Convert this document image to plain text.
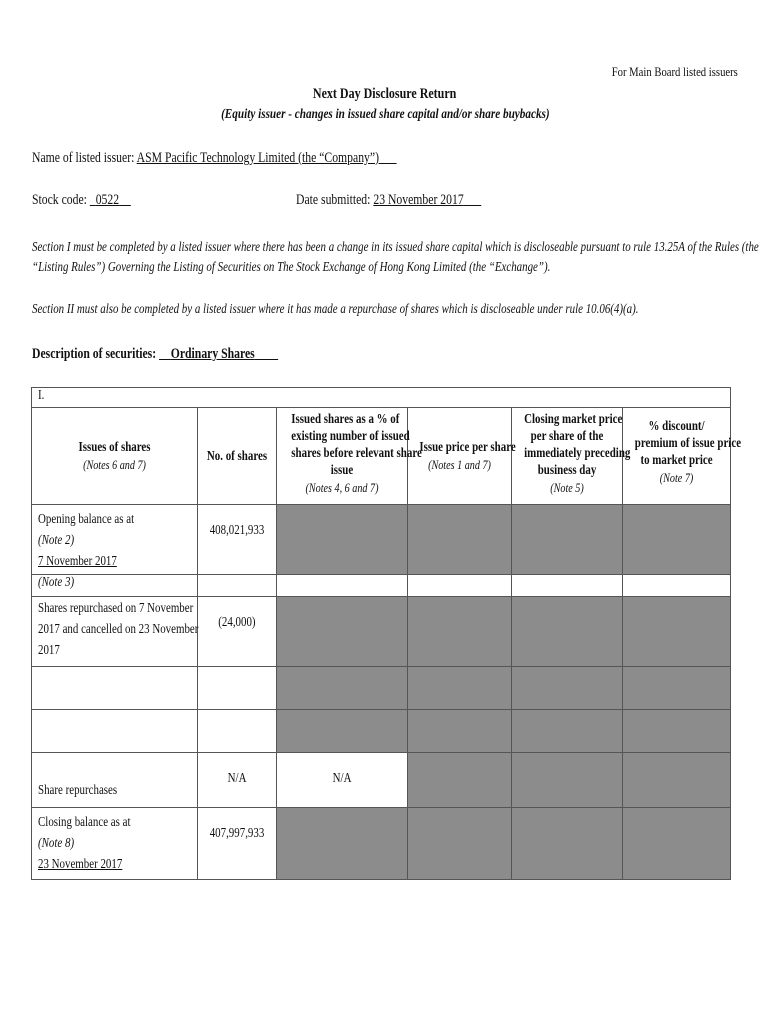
For Main Board listed issuers
Next Day Disclosure Return
(Equity issuer - changes in issued share capital and/or share buybacks)
Name of listed issuer: ASM Pacific Technology Limited (the “Company”)
Stock code: 0522	Date submitted: 23 November 2017
Section I must be completed by a listed issuer where there has been a change in its issued share capital which is discloseable pursuant to rule 13.25A of the Rules (the
“Listing Rules”) Governing the Listing of Securities on The Stock Exchange of Hong Kong Limited (the “Exchange”).
Section II must also be completed by a listed issuer where it has made a repurchase of shares which is discloseable under rule 10.06(4)(a).
Description of securities: Ordinary Shares
I.					

Issues of shares
(Notes 6 and 7)	No. of shares	Issued shares as a % of
existing number of issued
shares before relevant share
issue
(Notes 4, 6 and 7)	Issue price per share
(Notes 1 and 7)	Closing market price
per share of the
immediately preceding
business day
(Note 5)	% discount/
premium of issue price
to market price
(Note 7)

Opening balance as at
(Note 2)
7 November 2017	408,021,933				

(Note 3)					

Shares repurchased on 7 November
2017 and cancelled on 23 November
2017	(24,000)				

Share repurchases	N/A	N/A			

Closing balance as at
(Note 8)
23 November 2017	407,997,933				
